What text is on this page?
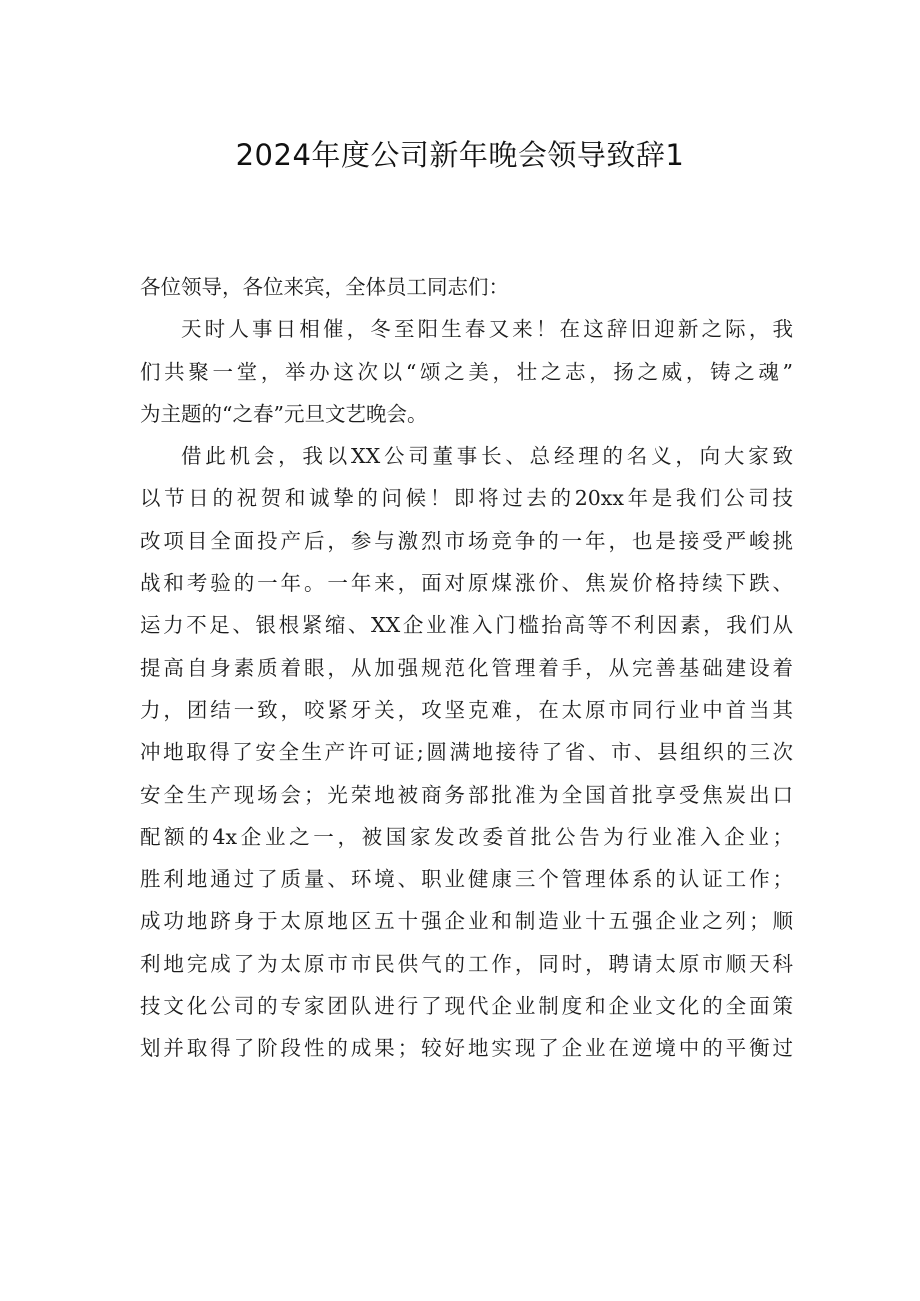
2024年度公司新年晚会领导致辞1
各位领导，各位来宾，全体员工同志们：
天时人事日相催，冬至阳生春又来！在这辞旧迎新之际，我
们共聚一堂，举办这次以“颂之美，壮之志，扬之威，铸之魂”
为主题的“之春”元旦文艺晚会。
借此机会，我以XX公司董事长、总经理的名义，向大家致
以节日的祝贺和诚挚的问候！即将过去的20xx年是我们公司技
改项目全面投产后，参与激烈市场竞争的一年，也是接受严峻挑
战和考验的一年。一年来，面对原煤涨价、焦炭价格持续下跌、
运力不足、银根紧缩、XX企业准入门槛抬高等不利因素，我们从
提高自身素质着眼，从加强规范化管理着手，从完善基础建设着
力，团结一致，咬紧牙关，攻坚克难，在太原市同行业中首当其
冲地取得了安全生产许可证;圆满地接待了省、市、县组织的三次
安全生产现场会；光荣地被商务部批准为全国首批享受焦炭出口
配额的4x企业之一，被国家发改委首批公告为行业准入企业；
胜利地通过了质量、环境、职业健康三个管理体系的认证工作；
成功地跻身于太原地区五十强企业和制造业十五强企业之列；顺
利地完成了为太原市市民供气的工作，同时，聘请太原市顺天科
技文化公司的专家团队进行了现代企业制度和企业文化的全面策
划并取得了阶段性的成果；较好地实现了企业在逆境中的平衡过
